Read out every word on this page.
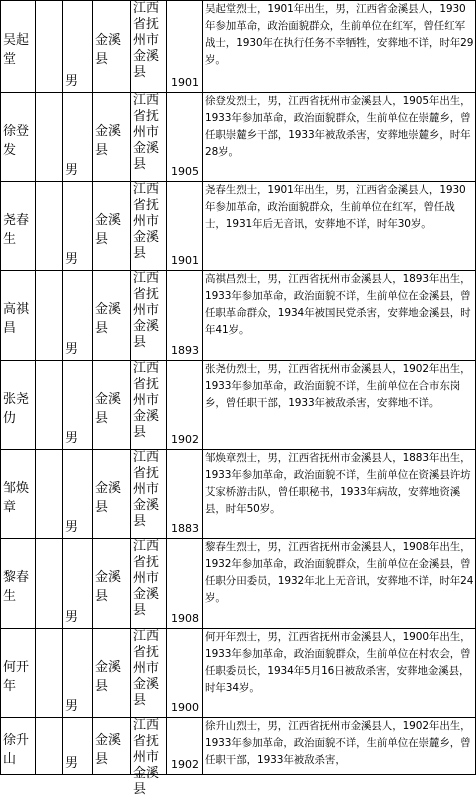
吴起堂
男
金溪县
江西省抚州市金溪县
1901
吴起堂烈士，1901年出生，男，江西省金溪县人，1930年参加革命，政治面貌群众，生前单位在红军，曾任红军战士，1930年在执行任务不幸牺牲，安葬地不详，时年29岁。
徐登发
男
金溪县
江西省抚州市金溪县	1905
徐登发烈士，男，江西省抚州市金溪县人，1905年出生，1933年参加革命，政治面貌群众，生前单位在崇麓乡，曾任职崇麓乡干部，1933年被敌杀害，安葬地崇麓乡，时年28岁。
尧春生
男
金溪县
江西省抚州市金溪县	1901
尧春生烈士，1901年出生，男，江西省金溪县人，1930年参加革命，政治面貌群众，生前单位在红军，曾任战士，1931年后无音讯，安葬地不详，时年30岁。
高祺昌
男
金溪县
江西省抚州市金溪县
1893
高祺昌烈士，男，江西省抚州市金溪县人，1893年出生，1933年参加革命，政治面貌不详，生前单位在金溪县，曾任职革命群众，1934年被国民党杀害，安葬地金溪县，时年41岁。
张尧仂
男
金溪县
江西省抚州市金溪县	1902
张尧仂烈士，男，江西省抚州市金溪县人，1902年出生，1933年参加革命，政治面貌不详，生前单位在合市东岗乡，曾任职干部，1933年被敌杀害，安葬地不详。
邹焕章
男
金溪县
江西省抚州市金溪县	1883
邹焕章烈士，男，江西省抚州市金溪县人，1883年出生，1933年参加革命，政治面貌不详，生前单位在资溪县许坊艾家桥游击队，曾任职秘书，1933年病故，安葬地资溪县，时年50岁。
黎春生
男
金溪县
江西省抚州市金溪县
1908
黎春生烈士，男，江西省抚州市金溪县人，1908年出生，1932年参加革命，政治面貌群众，生前单位在金溪县，曾任职分田委员，1932年北上无音讯，安葬地不详，时年24岁。
何开年
男
金溪县
江西省抚州市金溪县	1900
何开年烈士，男，江西省抚州市金溪县人，1900年出生，1933年参加革命，政治面貌群众，生前单位在村农会，曾任职委员长，1934年5月16日被敌杀害，安葬地金溪县，时年34岁。
徐升山	男
金溪县
江西省抚州市金溪县
1902
徐升山烈士，男，江西省抚州市金溪县人，1902年出生，1933年参加革命，政治面貌不详，生前单位在崇麓乡，曾任职干部，1933年被敌杀害，
